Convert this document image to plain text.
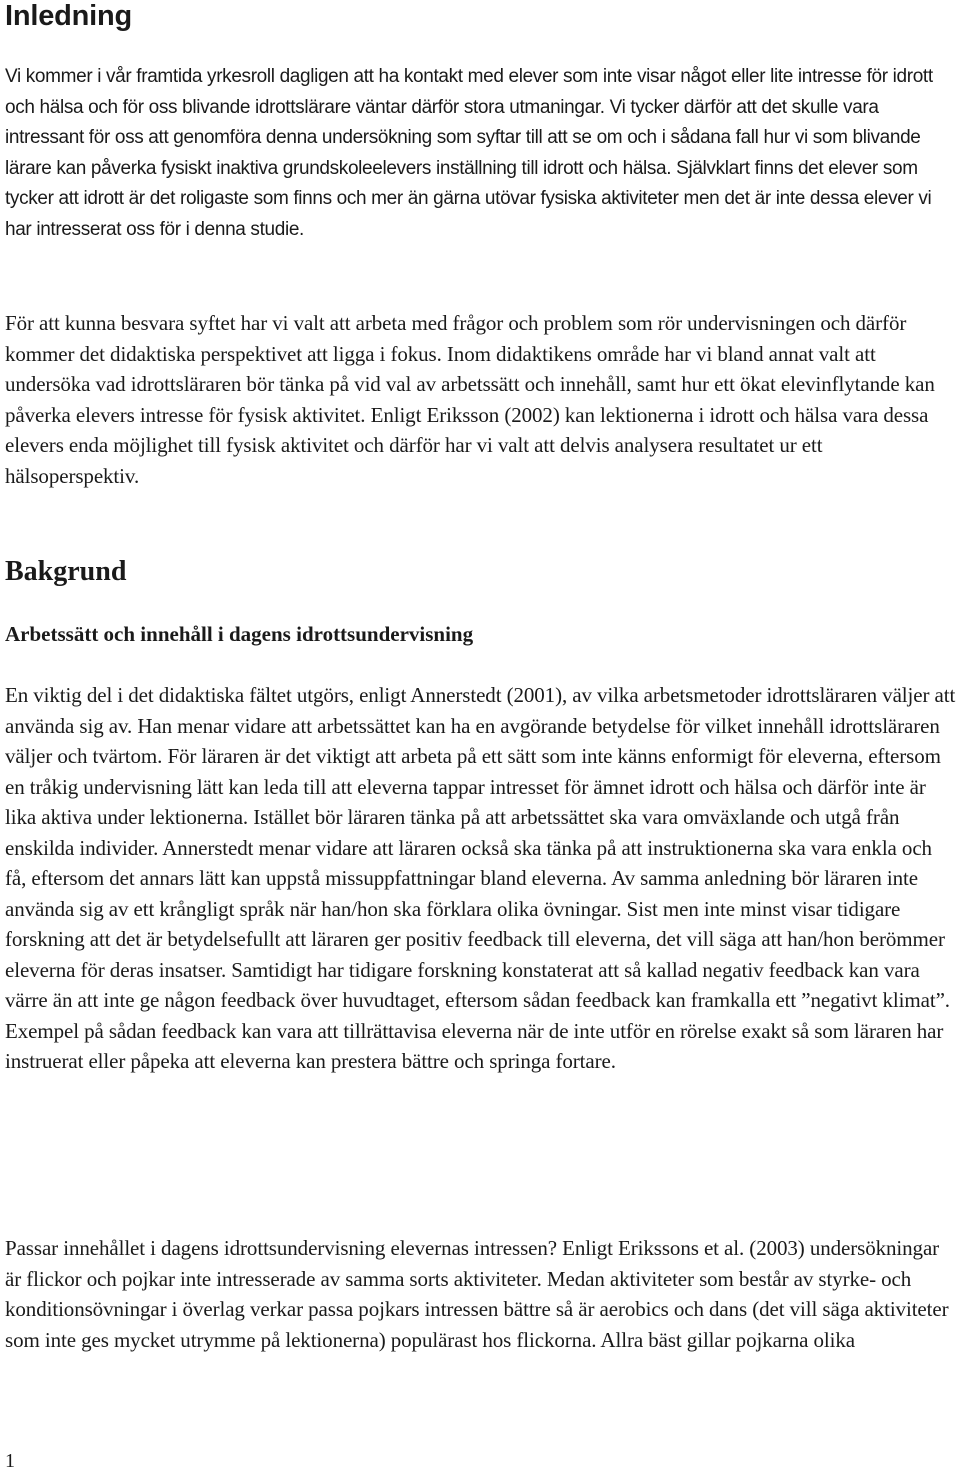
Inledning

Vi kommer i vår framtida yrkesroll dagligen att ha kontakt med elever som inte visar något eller lite intresse för idrott och hälsa och för oss blivande idrottslärare väntar därför stora utmaningar. Vi tycker därför att det skulle vara intressant för oss att genomföra denna undersökning som syftar till att se om och i sådana fall hur vi som blivande lärare kan påverka fysiskt inaktiva grundskoleelevers inställning till idrott och hälsa. Självklart finns det elever som tycker att idrott är det roligaste som finns och mer än gärna utövar fysiska aktiviteter men det är inte dessa elever vi har intresserat oss för i denna studie.

För att kunna besvara syftet har vi valt att arbeta med frågor och problem som rör undervisningen och därför kommer det didaktiska perspektivet att ligga i fokus. Inom didaktikens område har vi bland annat valt att undersöka vad idrottsläraren bör tänka på vid val av arbetssätt och innehåll, samt hur ett ökat elevinflytande kan påverka elevers intresse för fysisk aktivitet. Enligt Eriksson (2002) kan lektionerna i idrott och hälsa vara dessa elevers enda möjlighet till fysisk aktivitet och därför har vi valt att delvis analysera resultatet ur ett hälsoperspektiv.

Bakgrund
Arbetssätt och innehåll i dagens idrottsundervisning

En viktig del i det didaktiska fältet utgörs, enligt Annerstedt (2001), av vilka arbetsmetoder idrottsläraren väljer att använda sig av. Han menar vidare att arbetssättet kan ha en avgörande betydelse för vilket innehåll idrottsläraren väljer och tvärtom. För läraren är det viktigt att arbeta på ett sätt som inte känns enformigt för eleverna, eftersom en tråkig undervisning lätt kan leda till att eleverna tappar intresset för ämnet idrott och hälsa och därför inte är lika aktiva under lektionerna. Istället bör läraren tänka på att arbetssättet ska vara omväxlande och utgå från enskilda individer. Annerstedt menar vidare att läraren också ska tänka på att instruktionerna ska vara enkla och få, eftersom det annars lätt kan uppstå missuppfattningar bland eleverna. Av samma anledning bör läraren inte använda sig av ett krångligt språk när han/hon ska förklara olika övningar. Sist men inte minst visar tidigare forskning att det är betydelsefullt att läraren ger positiv feedback till eleverna, det vill säga att han/hon berömmer eleverna för deras insatser. Samtidigt har tidigare forskning konstaterat att så kallad negativ feedback kan vara värre än att inte ge någon feedback över huvudtaget, eftersom sådan feedback kan framkalla ett ”negativt klimat”. Exempel på sådan feedback kan vara att tillrättavisa eleverna när de inte utför en rörelse exakt så som läraren har instruerat eller påpeka att eleverna kan prestera bättre och springa fortare.

Passar innehållet i dagens idrottsundervisning elevernas intressen? Enligt Erikssons et al. (2003) undersökningar är flickor och pojkar inte intresserade av samma sorts aktiviteter. Medan aktiviteter som består av styrke- och konditionsövningar i överlag verkar passa pojkars intressen bättre så är aerobics och dans (det vill säga aktiviteter som inte ges mycket utrymme på lektionerna) populärast hos flickorna. Allra bäst gillar pojkarna olika

1
